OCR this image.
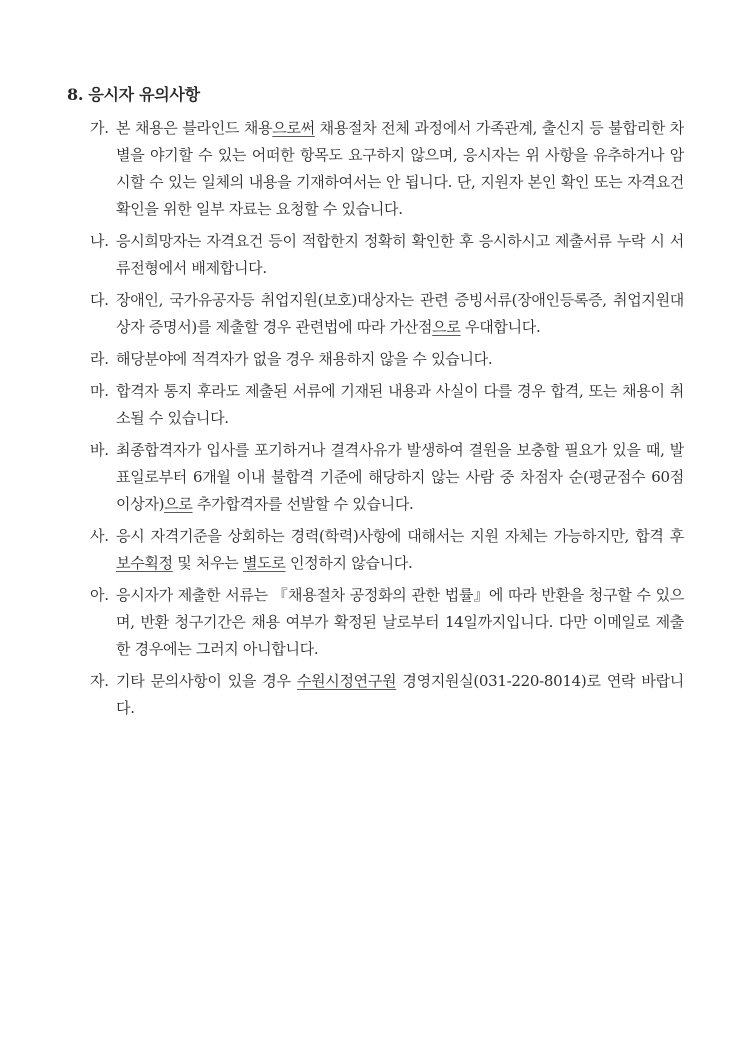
8. 응시자 유의사항
가. 본 채용은 블라인드 채용으로써 채용절차 전체 과정에서 가족관계, 출신지 등 불합리한 차별을 야기할 수 있는 어떠한 항목도 요구하지 않으며, 응시자는 위 사항을 유추하거나 암시할 수 있는 일체의 내용을 기재하여서는 안 됩니다. 단, 지원자 본인 확인 또는 자격요건 확인을 위한 일부 자료는 요청할 수 있습니다.
나. 응시희망자는 자격요건 등이 적합한지 정확히 확인한 후 응시하시고 제출서류 누락 시 서류전형에서 배제합니다.
다. 장애인, 국가유공자등 취업지원(보호)대상자는 관련 증빙서류(장애인등록증, 취업지원대상자 증명서)를 제출할 경우 관련법에 따라 가산점으로 우대합니다.
라. 해당분야에 적격자가 없을 경우 채용하지 않을 수 있습니다.
마. 합격자 통지 후라도 제출된 서류에 기재된 내용과 사실이 다를 경우 합격, 또는 채용이 취소될 수 있습니다.
바. 최종합격자가 입사를 포기하거나 결격사유가 발생하여 결원을 보충할 필요가 있을 때, 발표일로부터 6개월 이내 불합격 기준에 해당하지 않는 사람 중 차점자 순(평균점수 60점 이상자)으로 추가합격자를 선발할 수 있습니다.
사. 응시 자격기준을 상회하는 경력(학력)사항에 대해서는 지원 자체는 가능하지만, 합격 후 보수획정 및 처우는 별도로 인정하지 않습니다.
아. 응시자가 제출한 서류는 『채용절차 공정화의 관한 법률』에 따라 반환을 청구할 수 있으며, 반환 청구기간은 채용 여부가 확정된 날로부터 14일까지입니다. 다만 이메일로 제출한 경우에는 그러지 아니합니다.
자. 기타 문의사항이 있을 경우 수원시정연구원 경영지원실(031-220-8014)로 연락 바랍니다.
